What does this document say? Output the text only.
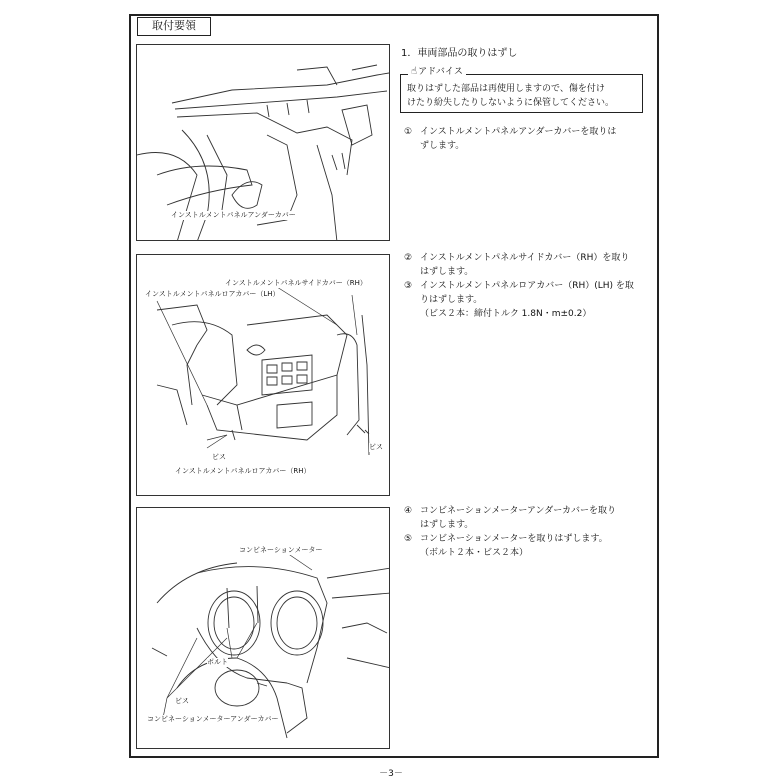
取付要領
インストルメントパネルアンダーカバー
インストルメントパネルサイドカバー（RH）
インストルメントパネルロアカバー（LH）
ビス
ビス
インストルメントパネルロアカバー（RH）
コンビネーションメーター
ボルト
ビス
コンビネーションメーターアンダーカバー
1．車両部品の取りはずし
取りはずした部品は再使用しますので、傷を付け
けたり紛失したりしないように保管してください。
☝アドバイス
① インストルメントパネルアンダーカバーを取りは
ずします。
② インストルメントパネルサイドカバー（RH）を取り
はずします。
③ インストルメントパネルロアカバー（RH）(LH) を取
りはずします。
（ビス２本：締付トルク 1.8N・m±0.2）
④ コンビネーションメーターアンダーカバーを取り
はずします。
⑤ コンビネーションメーターを取りはずします。
（ボルト２本・ビス２本）
－3－
